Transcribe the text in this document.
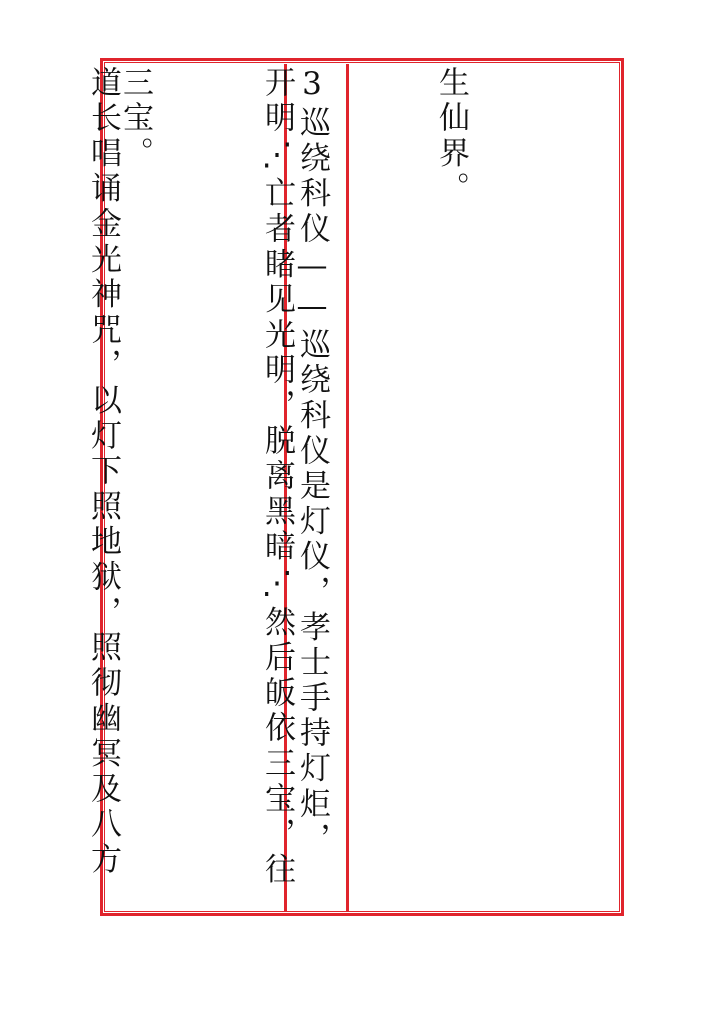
生仙界。

开明⋰亡者睹见光明，脱离黑暗⋰然后皈依三宝，往

道长唱诵金光神咒，以灯下照地狱，照彻幽冥及八方

	3巡绕科仪——巡绕科仪是灯仪，孝士手持灯炬，

三宝。
